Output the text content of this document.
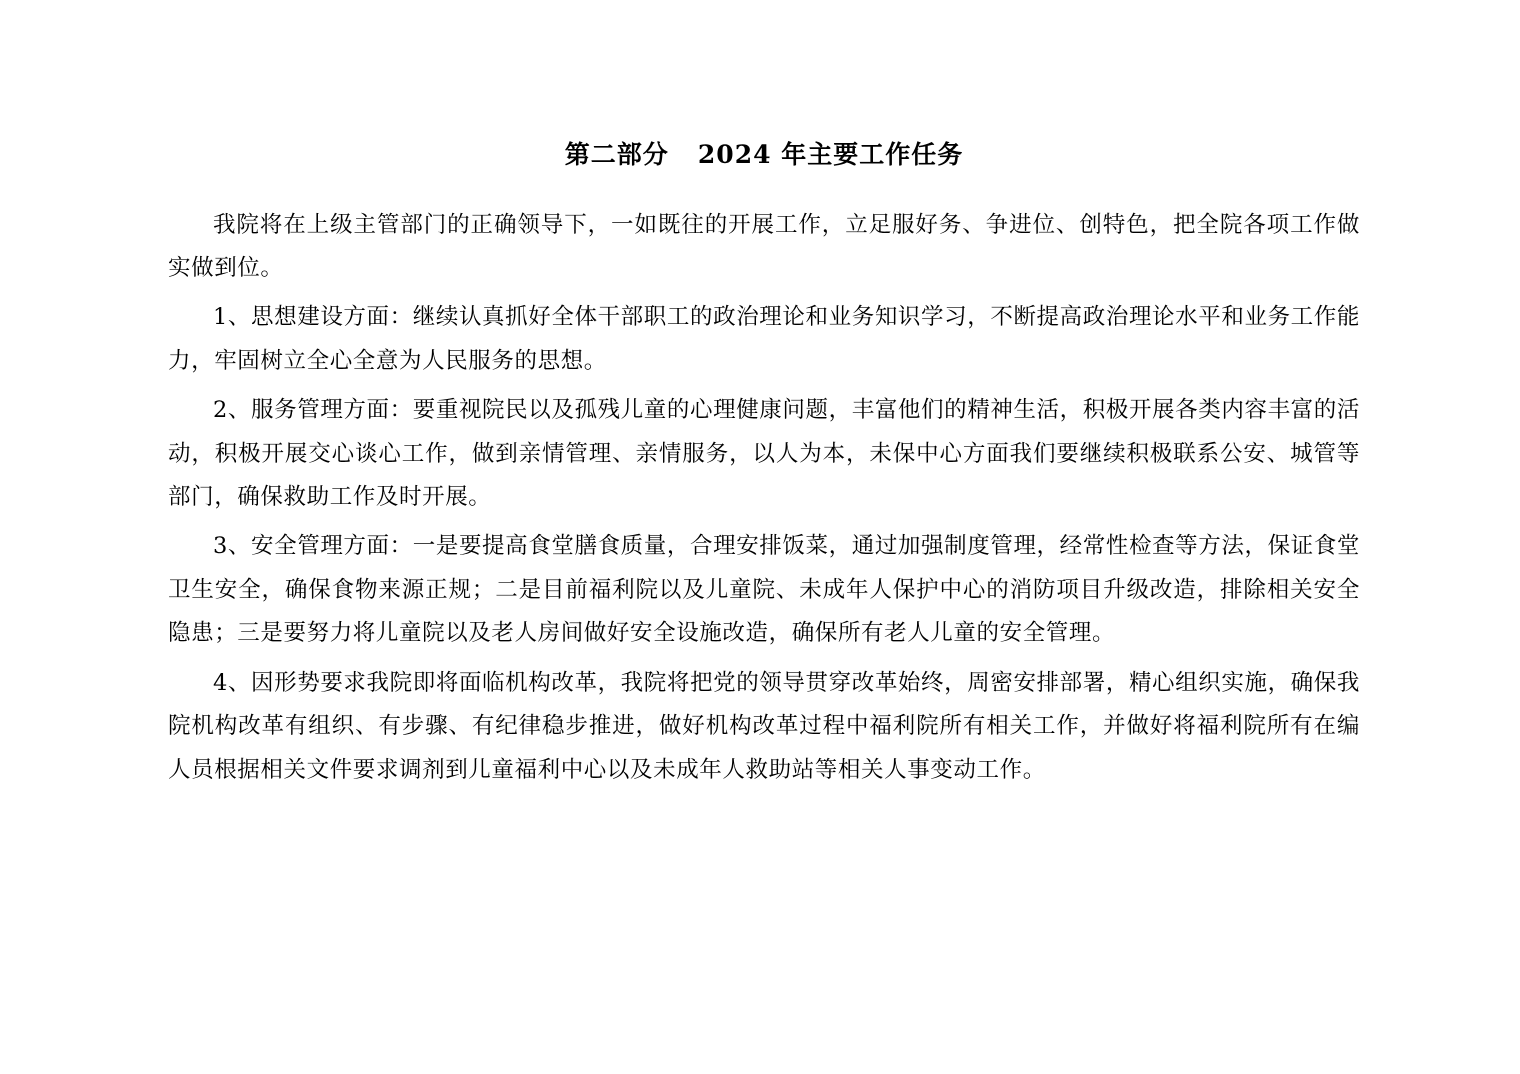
第二部分   2024 年主要工作任务

我院将在上级主管部门的正确领导下，一如既往的开展工作，立足服好务、争进位、创特色，把全院各项工作做实做到位。

1、思想建设方面：继续认真抓好全体干部职工的政治理论和业务知识学习，不断提高政治理论水平和业务工作能力，牢固树立全心全意为人民服务的思想。

2、服务管理方面：要重视院民以及孤残儿童的心理健康问题，丰富他们的精神生活，积极开展各类内容丰富的活动，积极开展交心谈心工作，做到亲情管理、亲情服务，以人为本，未保中心方面我们要继续积极联系公安、城管等部门，确保救助工作及时开展。

3、安全管理方面：一是要提高食堂膳食质量，合理安排饭菜，通过加强制度管理，经常性检查等方法，保证食堂卫生安全，确保食物来源正规；二是目前福利院以及儿童院、未成年人保护中心的消防项目升级改造，排除相关安全隐患；三是要努力将儿童院以及老人房间做好安全设施改造，确保所有老人儿童的安全管理。

4、因形势要求我院即将面临机构改革，我院将把党的领导贯穿改革始终，周密安排部署，精心组织实施，确保我院机构改革有组织、有步骤、有纪律稳步推进，做好机构改革过程中福利院所有相关工作，并做好将福利院所有在编人员根据相关文件要求调剂到儿童福利中心以及未成年人救助站等相关人事变动工作。
